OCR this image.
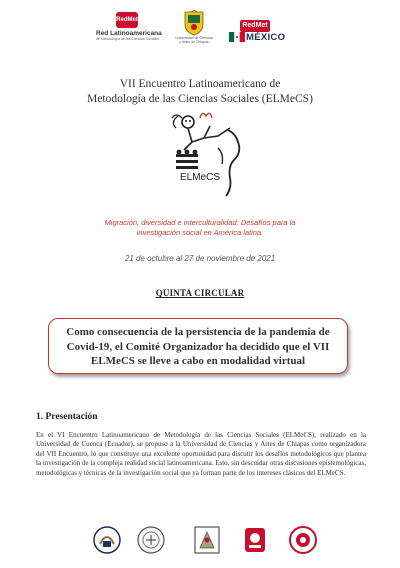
RedMet
Red Latinoamericana
de Metodología de las Ciencias Sociales	Universidad de Ciencias
y Artes de Chiapas
RedMet
MÉXICO
VII Encuentro Latinoamericano de
Metodología de las Ciencias Sociales (ELMeCS)
ELMeCS
Migración, diversidad e interculturalidad: Desafíos para la
investigación social en América latina.
21 de octubre al 27 de noviembre de 2021
QUINTA CIRCULAR
Como consecuencia de la persistencia de la pandemia de Covid-19, el Comité Organizador ha decidido que el VII ELMeCS se lleve a cabo en modalidad virtual
1. Presentación
En el VI Encuentro Latinoamericano de Metodología de las Ciencias Sociales (ELMeCS), realizado en la Universidad de Cuenca (Ecuador), se propuso a la Universidad de Ciencias y Artes de Chiapas como organizadora del VII Encuentro, lo que constituye una excelente oportunidad para discutir los desafíos metodológicos que plantea la investigación de la compleja realidad social latinoamericana. Esto, sin descuidar otras discusiones epistemológicas, metodológicas y técnicas de la investigación social que ya forman parte de los intereses clásicos del ELMeCS.
